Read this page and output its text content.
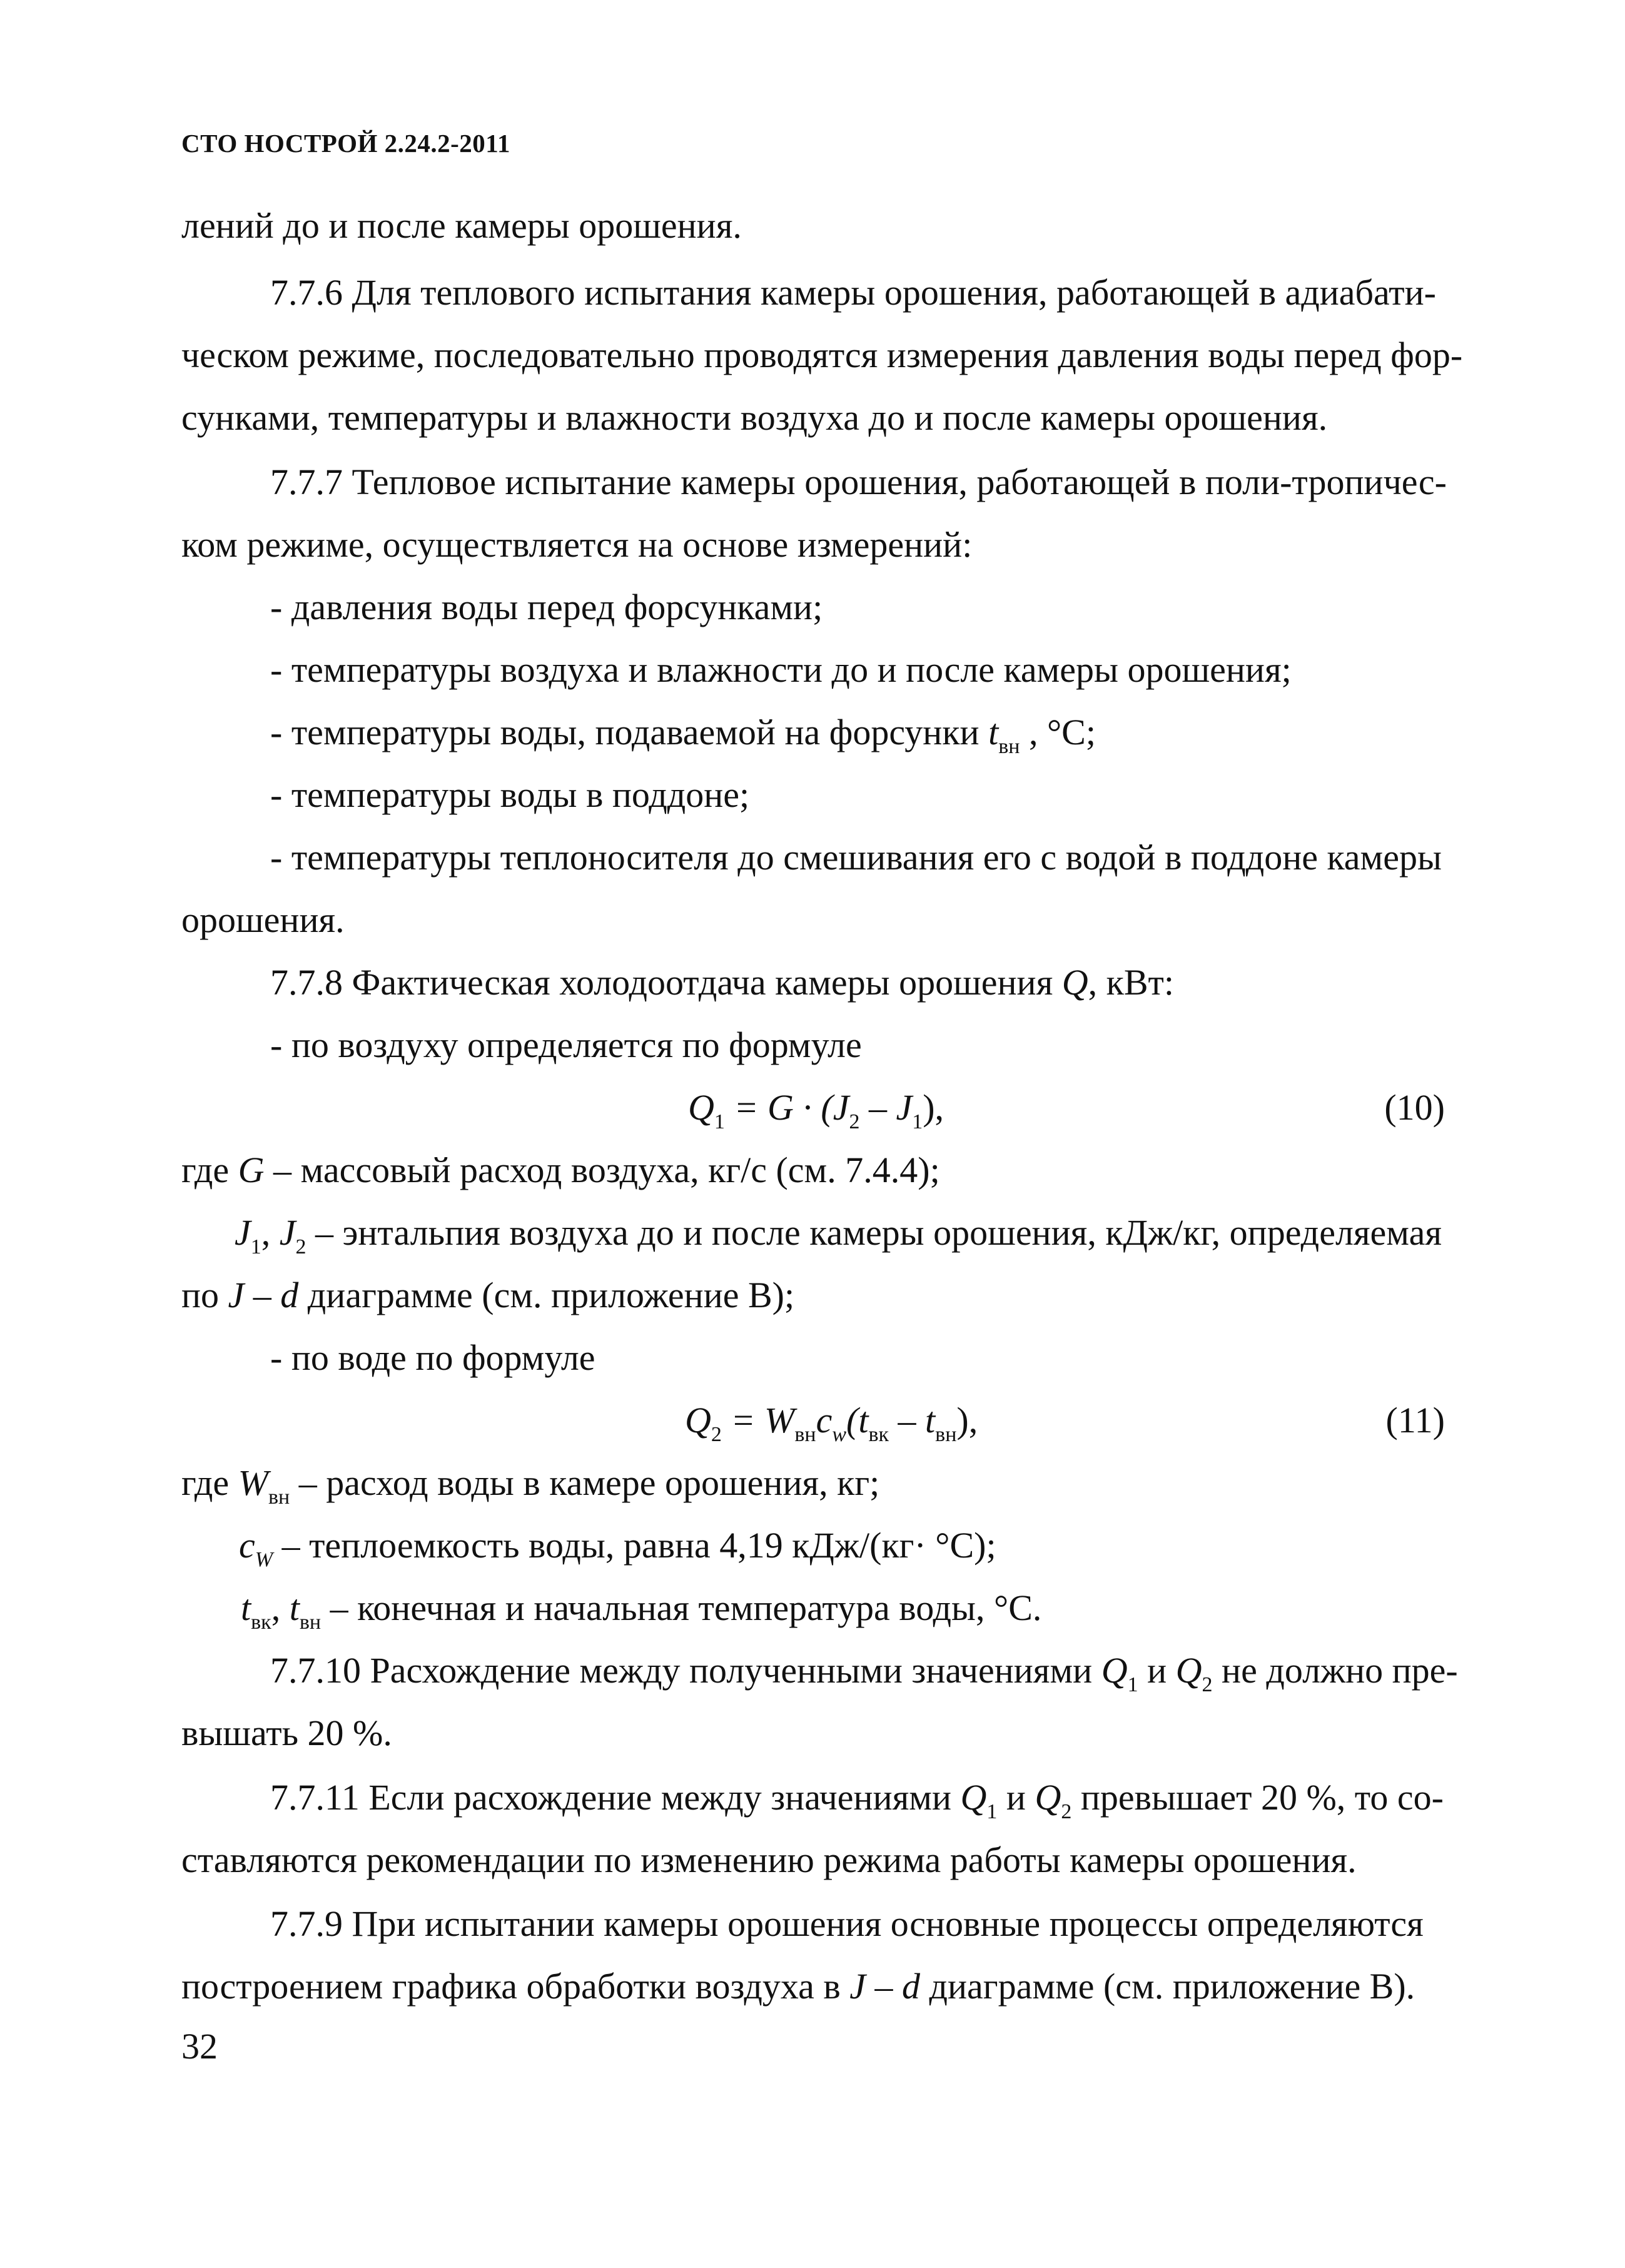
СТО НОСТРОЙ 2.24.2-2011
лений до и после камеры орошения.
7.7.6 Для теплового испытания камеры орошения, работающей в адиабати-
ческом режиме, последовательно проводятся измерения давления воды перед фор-
сунками, температуры и влажности воздуха до и после камеры орошения.
7.7.7 Тепловое испытание камеры орошения, работающей в поли-тропичес-
ком режиме, осуществляется на основе измерений:
- давления воды перед форсунками;
- температуры воздуха и влажности до и после камеры орошения;
- температуры воды, подаваемой на форсунки $t_{вн}$ , °С;
- температуры воды в поддоне;
- температуры теплоносителя до смешивания его с водой в поддоне камеры
орошения.
7.7.8 Фактическая холодоотдача камеры орошения Q, кВт:
- по воздуху определяется по формуле
$Q_1 = G \cdot (J_2 - J_1)$,	(10)
где G – массовый расход воздуха, кг/с (см. 7.4.4);
$J_1$, $J_2$ – энтальпия воздуха до и после камеры орошения, кДж/кг, определяемая
по J – d диаграмме (см. приложение В);
- по воде по формуле
$Q_2 = W_{вн}c_w(t_{вк} - t_{вн})$,	(11)
где $W_{вн}$ – расход воды в камере орошения, кг;
$c_W$ – теплоемкость воды, равна 4,19 кДж/(кг· °С);
$t_{вк}$, $t_{вн}$ – конечная и начальная температура воды, °С.
7.7.10 Расхождение между полученными значениями $Q_1$ и $Q_2$ не должно пре-
вышать 20 %.
7.7.11 Если расхождение между значениями $Q_1$ и $Q_2$ превышает 20 %, то со-
ставляются рекомендации по изменению режима работы камеры орошения.
7.7.9 При испытании камеры орошения основные процессы определяются
построением графика обработки воздуха в J – d диаграмме (см. приложение В).
32
